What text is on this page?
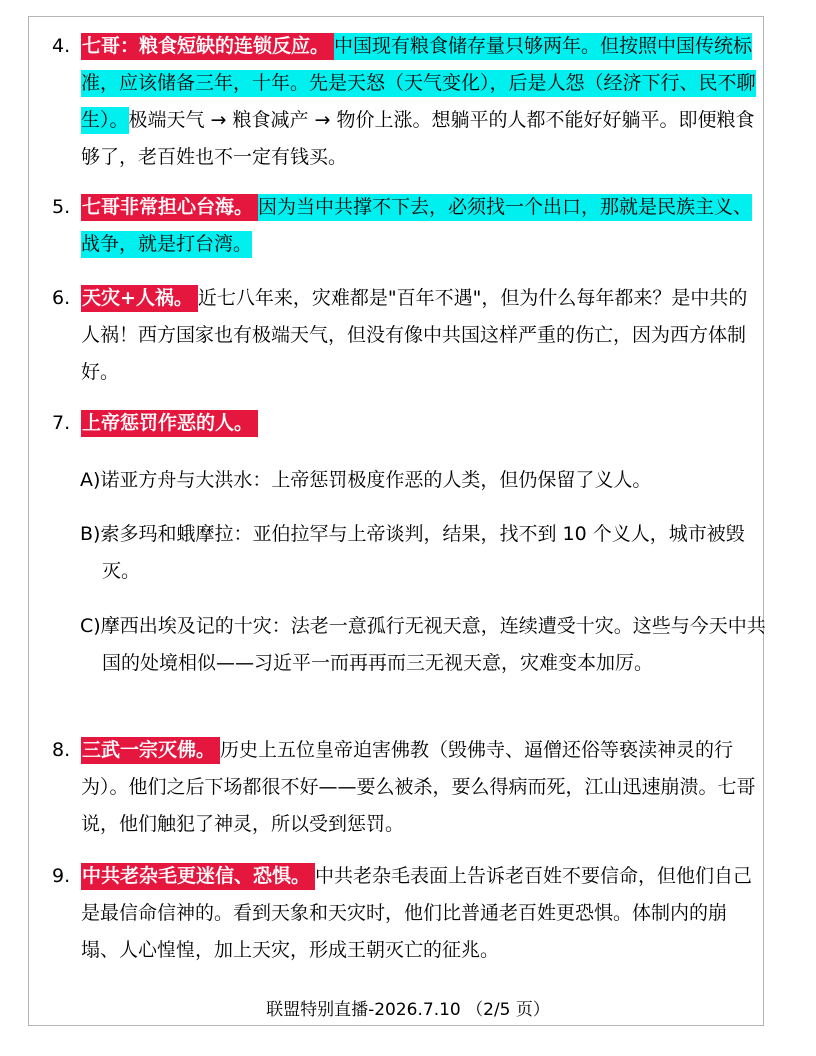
4. 七哥：粮食短缺的连锁反应。 中国现有粮食储存量只够两年。但按照中国传统标准，应该储备三年，十年。先是天怒（天气变化），后是人怨（经济下行、民不聊生）。极端天气 → 粮食减产 → 物价上涨。想躺平的人都不能好好躺平。即便粮食够了，老百姓也不一定有钱买。
5. 七哥非常担心台海。 因为当中共撑不下去，必须找一个出口，那就是民族主义、战争，就是打台湾。
6. 天灾+人祸。 近七八年来，灾难都是"百年不遇"，但为什么每年都来？是中共的人祸！西方国家也有极端天气，但没有像中共国这样严重的伤亡，因为西方体制好。
7. 上帝惩罚作恶的人。
A)诺亚方舟与大洪水：上帝惩罚极度作恶的人类，但仍保留了义人。
B)索多玛和蛾摩拉：亚伯拉罕与上帝谈判，结果，找不到 10 个义人，城市被毁灭。
C)摩西出埃及记的十灾：法老一意孤行无视天意，连续遭受十灾。这些与今天中共国的处境相似——习近平一而再再而三无视天意，灾难变本加厉。
8. 三武一宗灭佛。 历史上五位皇帝迫害佛教（毁佛寺、逼僧还俗等亵渎神灵的行为）。他们之后下场都很不好——要么被杀，要么得病而死，江山迅速崩溃。七哥说，他们触犯了神灵，所以受到惩罚。
9. 中共老杂毛更迷信、恐惧。 中共老杂毛表面上告诉老百姓不要信命，但他们自己是最信命信神的。看到天象和天灾时，他们比普通老百姓更恐惧。体制内的崩塌、人心惶惶，加上天灾，形成王朝灭亡的征兆。
联盟特别直播-2026.7.10 （2/5 页）
